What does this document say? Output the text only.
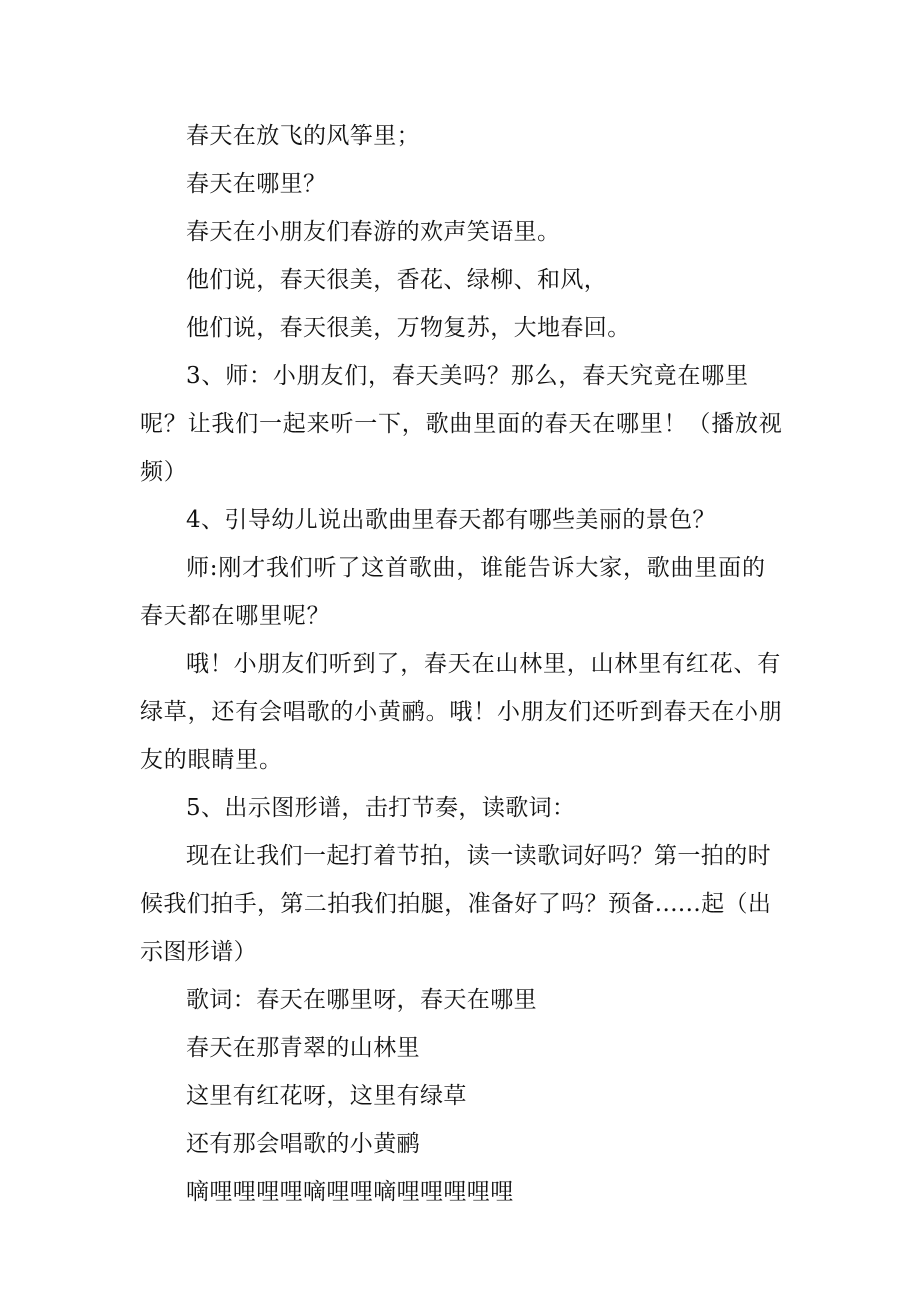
春天在放飞的风筝里；

春天在哪里？

春天在小朋友们春游的欢声笑语里。

他们说，春天很美，香花、绿柳、和风，

他们说，春天很美，万物复苏，大地春回。

3、师：小朋友们，春天美吗？那么，春天究竟在哪里呢？让我们一起来听一下，歌曲里面的春天在哪里！（播放视频）

4、引导幼儿说出歌曲里春天都有哪些美丽的景色？

师:刚才我们听了这首歌曲，谁能告诉大家，歌曲里面的春天都在哪里呢？

哦！小朋友们听到了，春天在山林里，山林里有红花、有绿草，还有会唱歌的小黄鹂。哦！小朋友们还听到春天在小朋友的眼睛里。

5、出示图形谱，击打节奏，读歌词：

现在让我们一起打着节拍，读一读歌词好吗？第一拍的时候我们拍手，第二拍我们拍腿，准备好了吗？预备......起（出示图形谱）

歌词：春天在哪里呀，春天在哪里

春天在那青翠的山林里

这里有红花呀，这里有绿草

还有那会唱歌的小黄鹂

嘀哩哩哩哩嘀哩哩嘀哩哩哩哩哩
